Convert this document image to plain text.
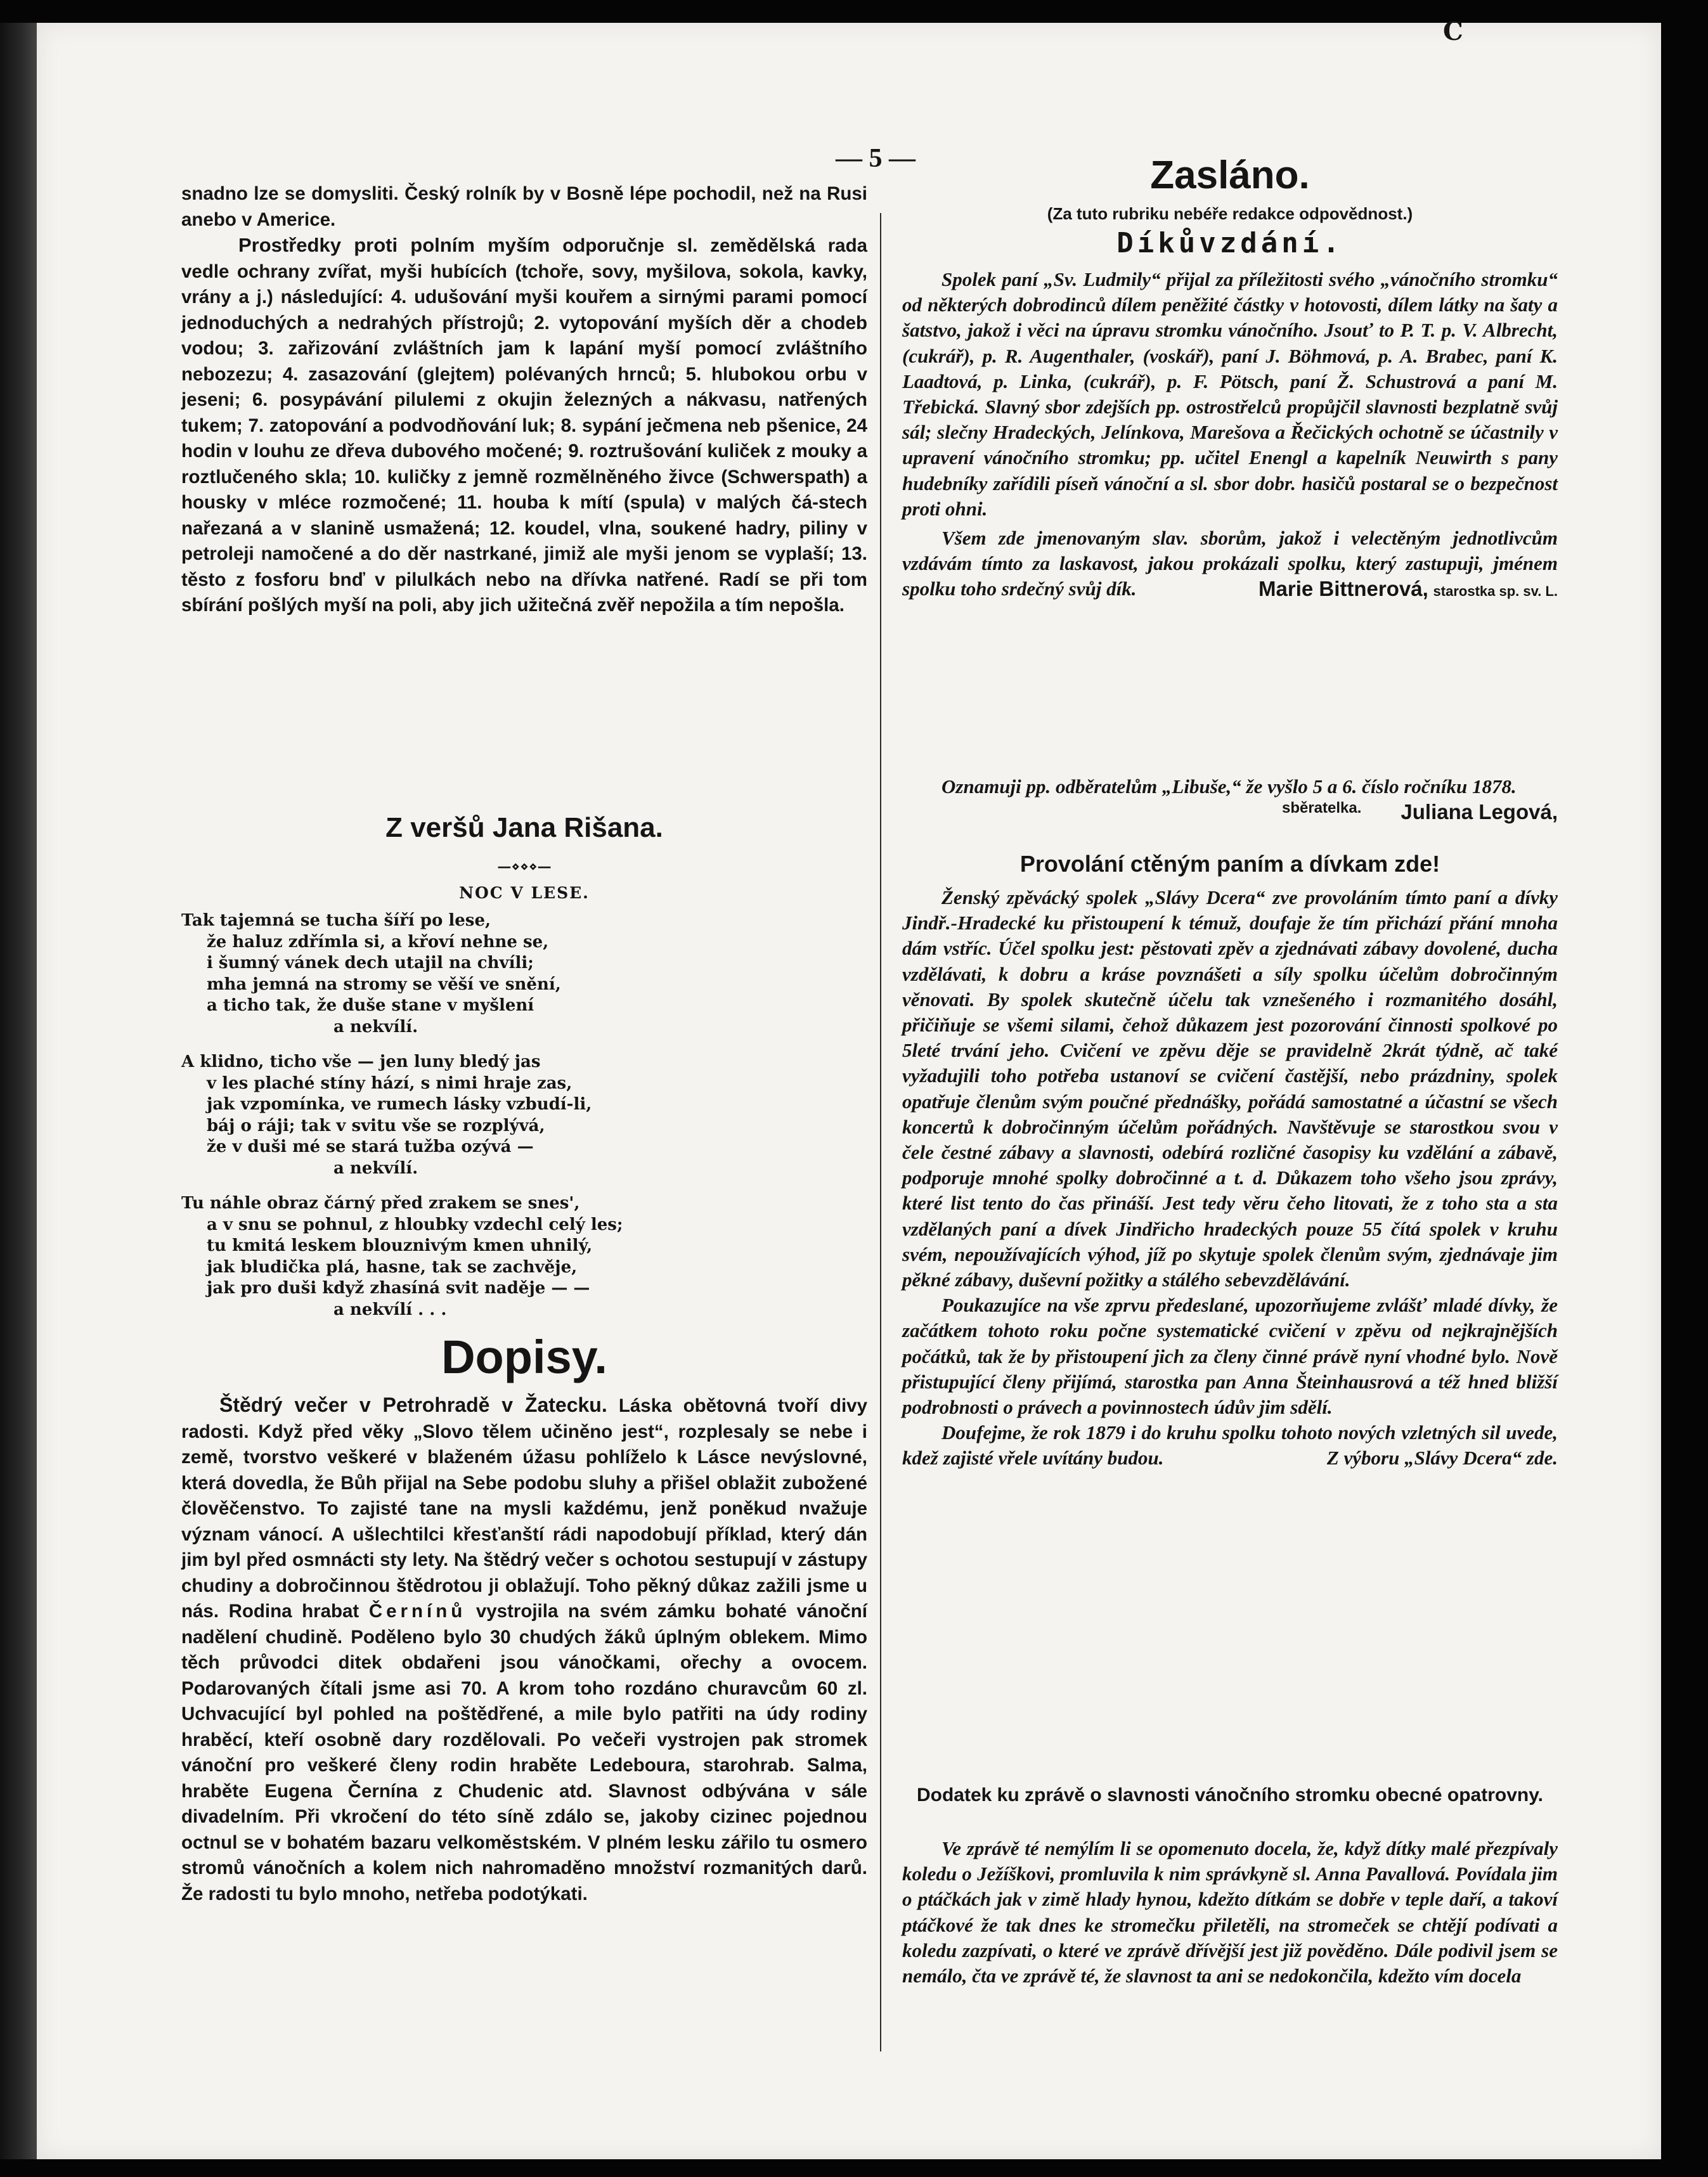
— 5 —
C

snadno lze se domysliti. Český rolník by v Bosně lépe pochodil, než na Rusi anebo v Americe.

Prostředky proti polním myším odporučnje sl. zemědělská rada vedle ochrany zvířat, myši hubících (tchoře, sovy, myšilova, sokola, kavky, vrány a j.) následující: 4. udušování myši kouřem a sirnými parami pomocí jednoduchých a nedrahých přístrojů; 2. vytopování myších děr a chodeb vodou; 3. zařizování zvláštních jam k lapání myší pomocí zvláštního nebozezu; 4. zasazování (glejtem) polévaných hrnců; 5. hlubokou orbu v jeseni; 6. posypávání pilulemi z okujin železných a nákvasu, natřených tukem; 7. zatopování a podvodňování luk; 8. sypání ječmena neb pšenice, 24 hodin v louhu ze dřeva dubového močené; 9. roztrušování kuliček z mouky a roztlučeného skla; 10. kuličky z jemně rozmělněného živce (Schwerspath) a housky v mléce rozmočené; 11. houba k mítí (spula) v malých čá-stech nařezaná a v slanině usmažená; 12. koudel, vlna, soukené hadry, piliny v petroleji namočené a do děr nastrkané, jimiž ale myši jenom se vyplaší; 13. těsto z fosforu bnď v pilulkách nebo na dřívka natřené. Radí se při tom sbírání pošlých myší na poli, aby jich užitečná zvěř nepožila a tím nepošla.

Z veršů Jana Rišana.
—⋄⋄⋄—
NOC V LESE.
Tak tajemná se tucha šíří po lese,
že haluz zdřímla si, a křoví nehne se,
i šumný vánek dech utajil na chvíli;
mha jemná na stromy se věší ve snění,
a ticho tak, že duše stane v myšlení
a nekvílí.
A klidno, ticho vše — jen luny bledý jas
v les plaché stíny hází, s nimi hraje zas,
jak vzpomínka, ve rumech lásky vzbudí-li,
báj o ráji; tak v svitu vše se rozplývá,
že v duši mé se stará tužba ozývá —
a nekvílí.
Tu náhle obraz čárný před zrakem se snes',
a v snu se pohnul, z hloubky vzdechl celý les;
tu kmitá leskem blouznivým kmen uhnilý,
jak bludička plá, hasne, tak se zachvěje,
jak pro duši když zhasíná svit naděje — —
a nekvílí . . .
Dopisy.

Štědrý večer v Petrohradě v Žatecku. Láska obětovná tvoří divy radosti. Když před věky „Slovo tělem učiněno jest“, rozplesaly se nebe i země, tvorstvo veškeré v blaženém úžasu pohlíželo k Lásce nevýslovné, která dovedla, že Bůh přijal na Sebe podobu sluhy a přišel oblažit zubožené člověčenstvo. To zajisté tane na mysli každému, jenž poněkud nvažuje význam vánocí. A ušlechtilci křesťanští rádi napodobují příklad, který dán jim byl před osmnácti sty lety. Na štědrý večer s ochotou sestupují v zástupy chudiny a dobročinnou štědrotou ji oblažují. Toho pěkný důkaz zažili jsme u nás. Rodina hrabat Černínů vystrojila na svém zámku bohaté vánoční nadělení chudině. Poděleno bylo 30 chudých žáků úplným oblekem. Mimo těch průvodci ditek obdařeni jsou vánočkami, ořechy a ovocem. Podarovaných čítali jsme asi 70. A krom toho rozdáno churavcům 60 zl. Uchvacující byl pohled na poštědřené, a mile bylo patřiti na údy rodiny hraběcí, kteří osobně dary rozdělovali. Po večeři vystrojen pak stromek vánoční pro veškeré členy rodin hraběte Ledeboura, starohrab. Salma, hraběte Eugena Černína z Chudenic atd. Slavnost odbývána v sále divadelním. Při vkročení do této síně zdálo se, jakoby cizinec pojednou octnul se v bohatém bazaru velkoměstském. V plném lesku zářilo tu osmero stromů vánočních a kolem nich nahromaděno množství rozmanitých darů. Že radosti tu bylo mnoho, netřeba podotýkati.

Zasláno.
(Za tuto rubriku nebéře redakce odpovědnost.)
Díkůvzdání.

Spolek paní „Sv. Ludmily“ přijal za příležitosti svého „vánočního stromku“ od některých dobrodinců dílem peněžité částky v hotovosti, dílem látky na šaty a šatstvo, jakož i věci na úpravu stromku vánočního. Jsouť to P. T. p. V. Albrecht, (cukrář), p. R. Augenthaler, (voskář), paní J. Böhmová, p. A. Brabec, paní K. Laadtová, p. Linka, (cukrář), p. F. Pötsch, paní Ž. Schustrová a paní M. Třebická. Slavný sbor zdejších pp. ostrostřelců propůjčil slavnosti bezplatně svůj sál; slečny Hradeckých, Jelínkova, Marešova a Řečických ochotně se účastnily v upravení vánočního stromku; pp. učitel Enengl a kapelník Neuwirth s pany hudebníky zařídili píseň vánoční a sl. sbor dobr. hasičů postaral se o bezpečnost proti ohni.

Všem zde jmenovaným slav. sborům, jakož i velectěným jednotlivcům vzdávám tímto za laskavost, jakou prokázali spolku, který zastupuji, jménem spolku toho srdečný svůj dík.	Marie Bittnerová, starostka sp. sv. L.

Oznamuji pp. odběratelům „Libuše,“ že vyšlo 5 a 6. číslo ročníku 1878.
Juliana Legová,

sběratelka.
Provolání ctěným paním a dívkam zde!

Ženský zpěvácký spolek „Slávy Dcera“ zve provoláním tímto paní a dívky Jindř.-Hradecké ku přistoupení k témuž, doufaje že tím přichází přání mnoha dám vstříc. Účel spolku jest: pěstovati zpěv a zjednávati zábavy dovolené, ducha vzdělávati, k dobru a kráse povznášeti a síly spolku účelům dobročinným věnovati. By spolek skutečně účelu tak vznešeného i rozmanitého dosáhl, přičiňuje se všemi silami, čehož důkazem jest pozorování činnosti spolkové po 5leté trvání jeho. Cvičení ve zpěvu děje se pravidelně 2krát týdně, ač také vyžadujili toho potřeba ustanoví se cvičení častější, nebo prázdniny, spolek opatřuje členům svým poučné přednášky, pořádá samostatné a účastní se všech koncertů k dobročinným účelům pořádných. Navštěvuje se starostkou svou v čele čestné zábavy a slavnosti, odebírá rozličné časopisy ku vzdělání a zábavě, podporuje mnohé spolky dobročinné a t. d. Důkazem toho všeho jsou zprávy, které list tento do čas přináší. Jest tedy věru čeho litovati, že z toho sta a sta vzdělaných paní a dívek Jindřicho hradeckých pouze 55 čítá spolek v kruhu svém, nepoužívajících výhod, jíž po skytuje spolek členům svým, zjednávaje jim pěkné zábavy, duševní požitky a stálého sebevzdělávání.

Poukazujíce na vše zprvu předeslané, upozorňujeme zvlášť mladé dívky, že začátkem tohoto roku počne systematické cvičení v zpěvu od nejkrajnějších počátků, tak že by přistoupení jich za členy činné právě nyní vhodné bylo. Nově přistupující členy přijímá, starostka pan Anna Šteinhausrová a též hned bližší podrobnosti o právech a povinnostech údův jim sdělí.

Doufejme, že rok 1879 i do kruhu spolku tohoto nových vzletných sil uvede, kdež zajisté vřele uvítány budou.	Z výboru „Slávy Dcera“ zde.

Dodatek ku zprávě o slavnosti vánočního stromku obecné opatrovny.

Ve zprávě té nemýlím li se opomenuto docela, že, když dítky malé přezpívaly koledu o Ježíškovi, promluvila k nim správkyně sl. Anna Pavallová. Povídala jim o ptáčkách jak v zimě hlady hynou, kdežto dítkám se dobře v teple daří, a takoví ptáčkové že tak dnes ke stromečku přiletěli, na stromeček se chtějí podívati a koledu zazpívati, o které ve zprávě dřívější jest již pověděno. Dále podivil jsem se nemálo, čta ve zprávě té, že slavnost ta ani se nedokončila, kdežto vím docela
